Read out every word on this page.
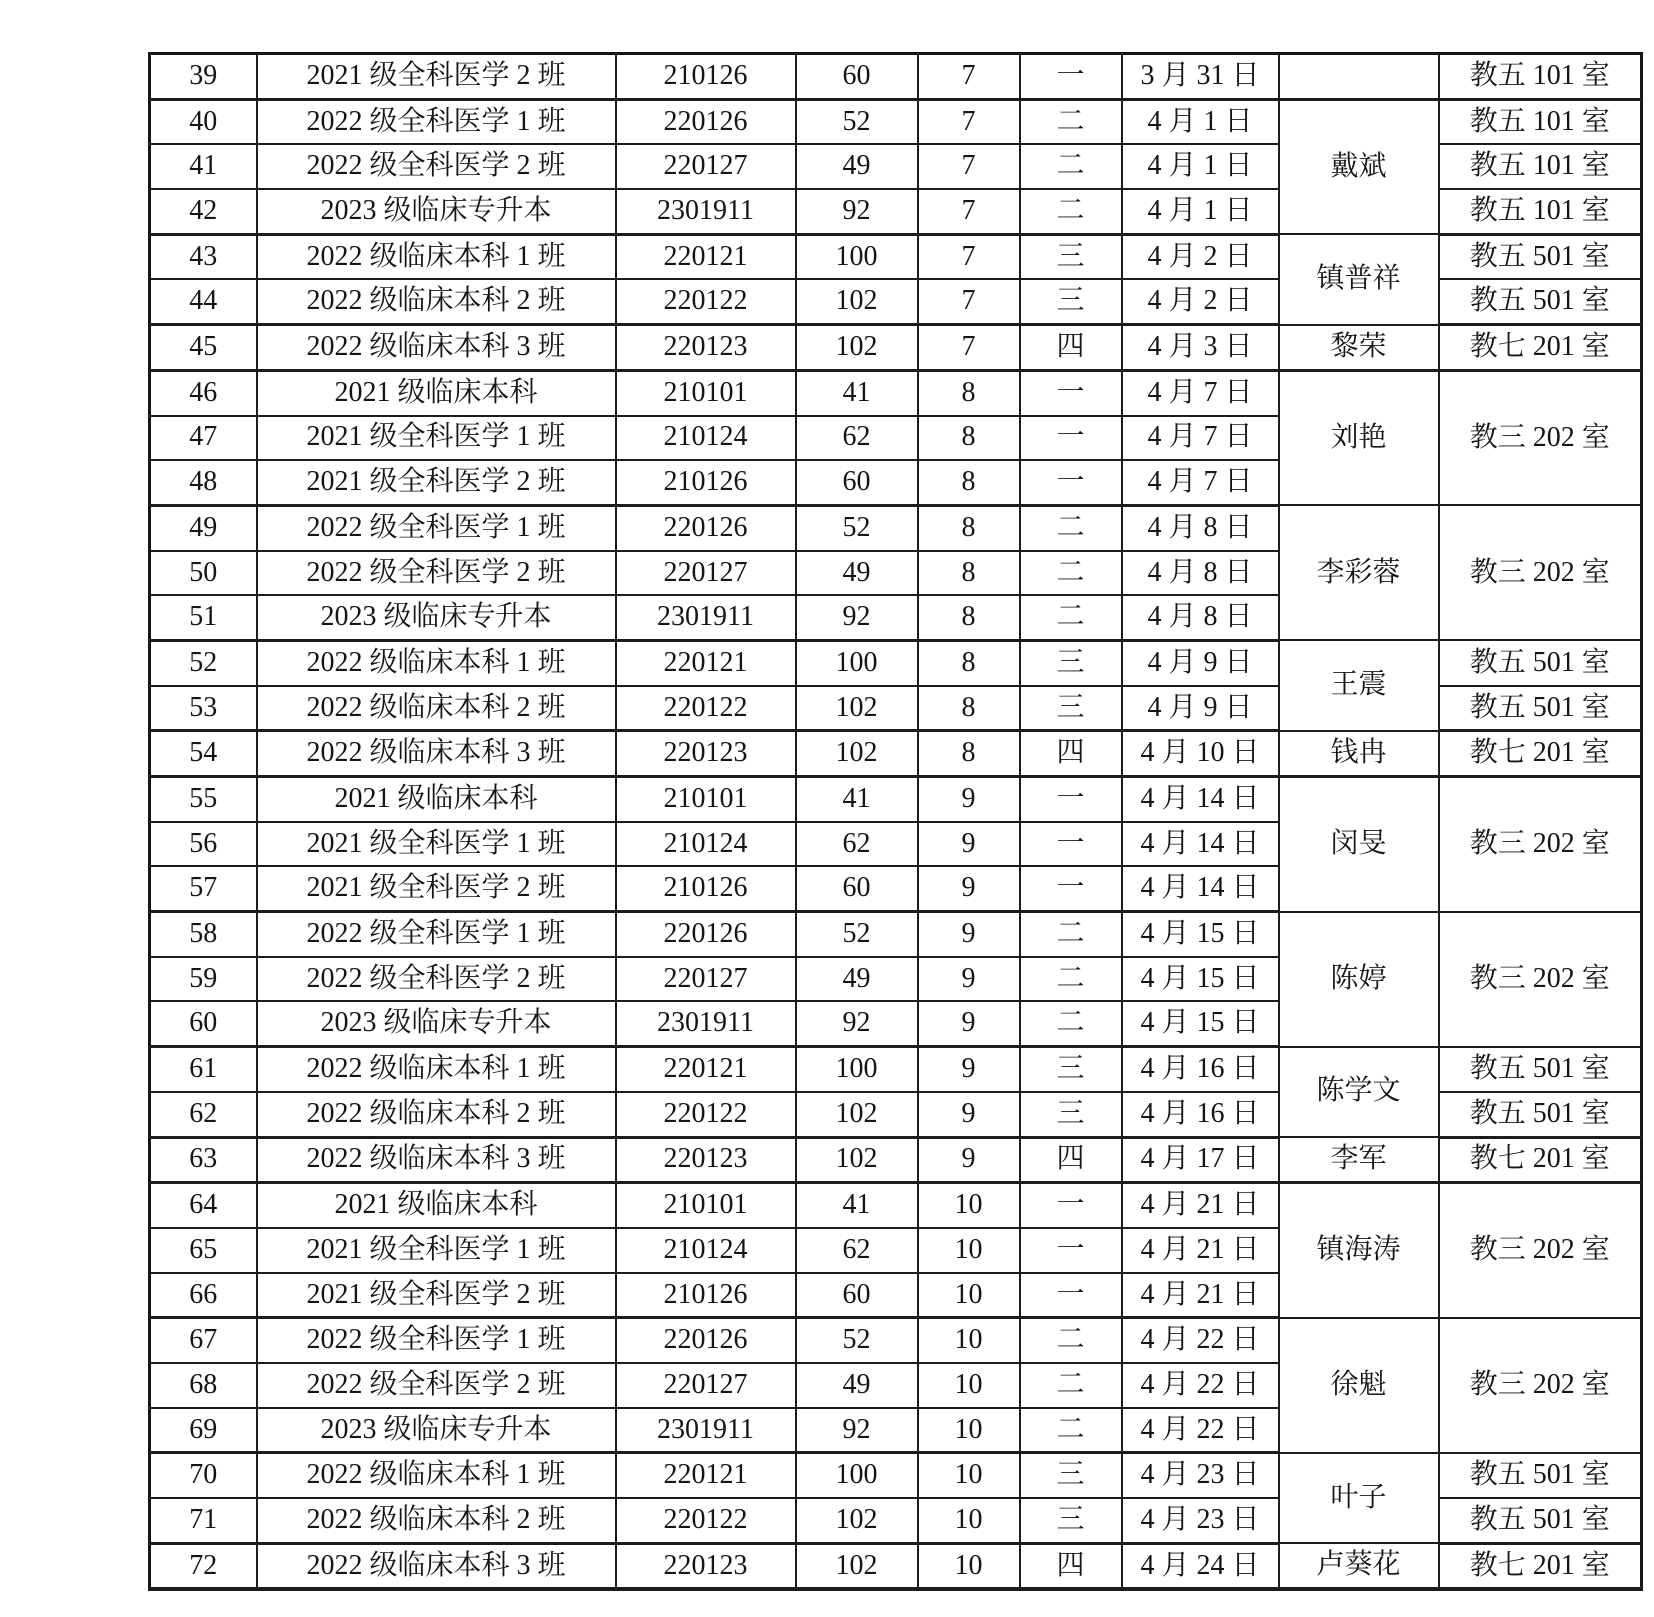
39	2021 级全科医学 2 班	210126	60	7	一	3 月 31 日		教五 101 室
40	2022 级全科医学 1 班	220126	52	7	二	4 月 1 日	戴斌	教五 101 室
41	2022 级全科医学 2 班	220127	49	7	二	4 月 1 日		教五 101 室
42	2023 级临床专升本	2301911	92	7	二	4 月 1 日		教五 101 室
43	2022 级临床本科 1 班	220121	100	7	三	4 月 2 日	镇普祥	教五 501 室
44	2022 级临床本科 2 班	220122	102	7	三	4 月 2 日		教五 501 室
45	2022 级临床本科 3 班	220123	102	7	四	4 月 3 日	黎荣	教七 201 室
46	2021 级临床本科	210101	41	8	一	4 月 7 日	刘艳	教三 202 室
47	2021 级全科医学 1 班	210124	62	8	一	4 月 7 日		
48	2021 级全科医学 2 班	210126	60	8	一	4 月 7 日		
49	2022 级全科医学 1 班	220126	52	8	二	4 月 8 日	李彩蓉	教三 202 室
50	2022 级全科医学 2 班	220127	49	8	二	4 月 8 日		
51	2023 级临床专升本	2301911	92	8	二	4 月 8 日		
52	2022 级临床本科 1 班	220121	100	8	三	4 月 9 日	王震	教五 501 室
53	2022 级临床本科 2 班	220122	102	8	三	4 月 9 日		教五 501 室
54	2022 级临床本科 3 班	220123	102	8	四	4 月 10 日	钱冉	教七 201 室
55	2021 级临床本科	210101	41	9	一	4 月 14 日	闵旻	教三 202 室
56	2021 级全科医学 1 班	210124	62	9	一	4 月 14 日		
57	2021 级全科医学 2 班	210126	60	9	一	4 月 14 日		
58	2022 级全科医学 1 班	220126	52	9	二	4 月 15 日	陈婷	教三 202 室
59	2022 级全科医学 2 班	220127	49	9	二	4 月 15 日		
60	2023 级临床专升本	2301911	92	9	二	4 月 15 日		
61	2022 级临床本科 1 班	220121	100	9	三	4 月 16 日	陈学文	教五 501 室
62	2022 级临床本科 2 班	220122	102	9	三	4 月 16 日		教五 501 室
63	2022 级临床本科 3 班	220123	102	9	四	4 月 17 日	李军	教七 201 室
64	2021 级临床本科	210101	41	10	一	4 月 21 日	镇海涛	教三 202 室
65	2021 级全科医学 1 班	210124	62	10	一	4 月 21 日		
66	2021 级全科医学 2 班	210126	60	10	一	4 月 21 日		
67	2022 级全科医学 1 班	220126	52	10	二	4 月 22 日	徐魁	教三 202 室
68	2022 级全科医学 2 班	220127	49	10	二	4 月 22 日		
69	2023 级临床专升本	2301911	92	10	二	4 月 22 日		
70	2022 级临床本科 1 班	220121	100	10	三	4 月 23 日	叶子	教五 501 室
71	2022 级临床本科 2 班	220122	102	10	三	4 月 23 日		教五 501 室
72	2022 级临床本科 3 班	220123	102	10	四	4 月 24 日	卢葵花	教七 201 室
